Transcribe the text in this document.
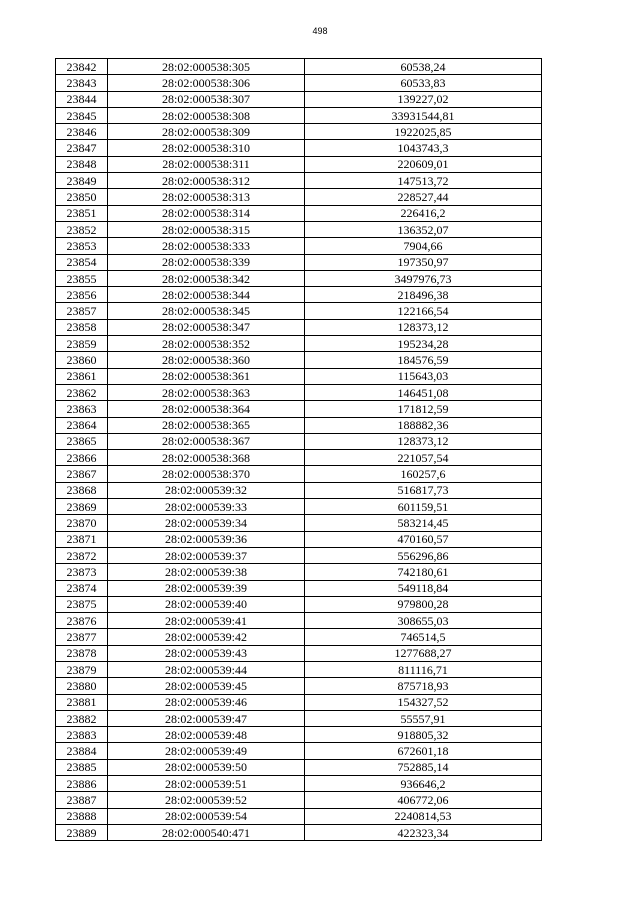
498
23842	28:02:000538:305	60538,24
23843	28:02:000538:306	60533,83
23844	28:02:000538:307	139227,02
23845	28:02:000538:308	33931544,81
23846	28:02:000538:309	1922025,85
23847	28:02:000538:310	1043743,3
23848	28:02:000538:311	220609,01
23849	28:02:000538:312	147513,72
23850	28:02:000538:313	228527,44
23851	28:02:000538:314	226416,2
23852	28:02:000538:315	136352,07
23853	28:02:000538:333	7904,66
23854	28:02:000538:339	197350,97
23855	28:02:000538:342	3497976,73
23856	28:02:000538:344	218496,38
23857	28:02:000538:345	122166,54
23858	28:02:000538:347	128373,12
23859	28:02:000538:352	195234,28
23860	28:02:000538:360	184576,59
23861	28:02:000538:361	115643,03
23862	28:02:000538:363	146451,08
23863	28:02:000538:364	171812,59
23864	28:02:000538:365	188882,36
23865	28:02:000538:367	128373,12
23866	28:02:000538:368	221057,54
23867	28:02:000538:370	160257,6
23868	28:02:000539:32	516817,73
23869	28:02:000539:33	601159,51
23870	28:02:000539:34	583214,45
23871	28:02:000539:36	470160,57
23872	28:02:000539:37	556296,86
23873	28:02:000539:38	742180,61
23874	28:02:000539:39	549118,84
23875	28:02:000539:40	979800,28
23876	28:02:000539:41	308655,03
23877	28:02:000539:42	746514,5
23878	28:02:000539:43	1277688,27
23879	28:02:000539:44	811116,71
23880	28:02:000539:45	875718,93
23881	28:02:000539:46	154327,52
23882	28:02:000539:47	55557,91
23883	28:02:000539:48	918805,32
23884	28:02:000539:49	672601,18
23885	28:02:000539:50	752885,14
23886	28:02:000539:51	936646,2
23887	28:02:000539:52	406772,06
23888	28:02:000539:54	2240814,53
23889	28:02:000540:471	422323,34
